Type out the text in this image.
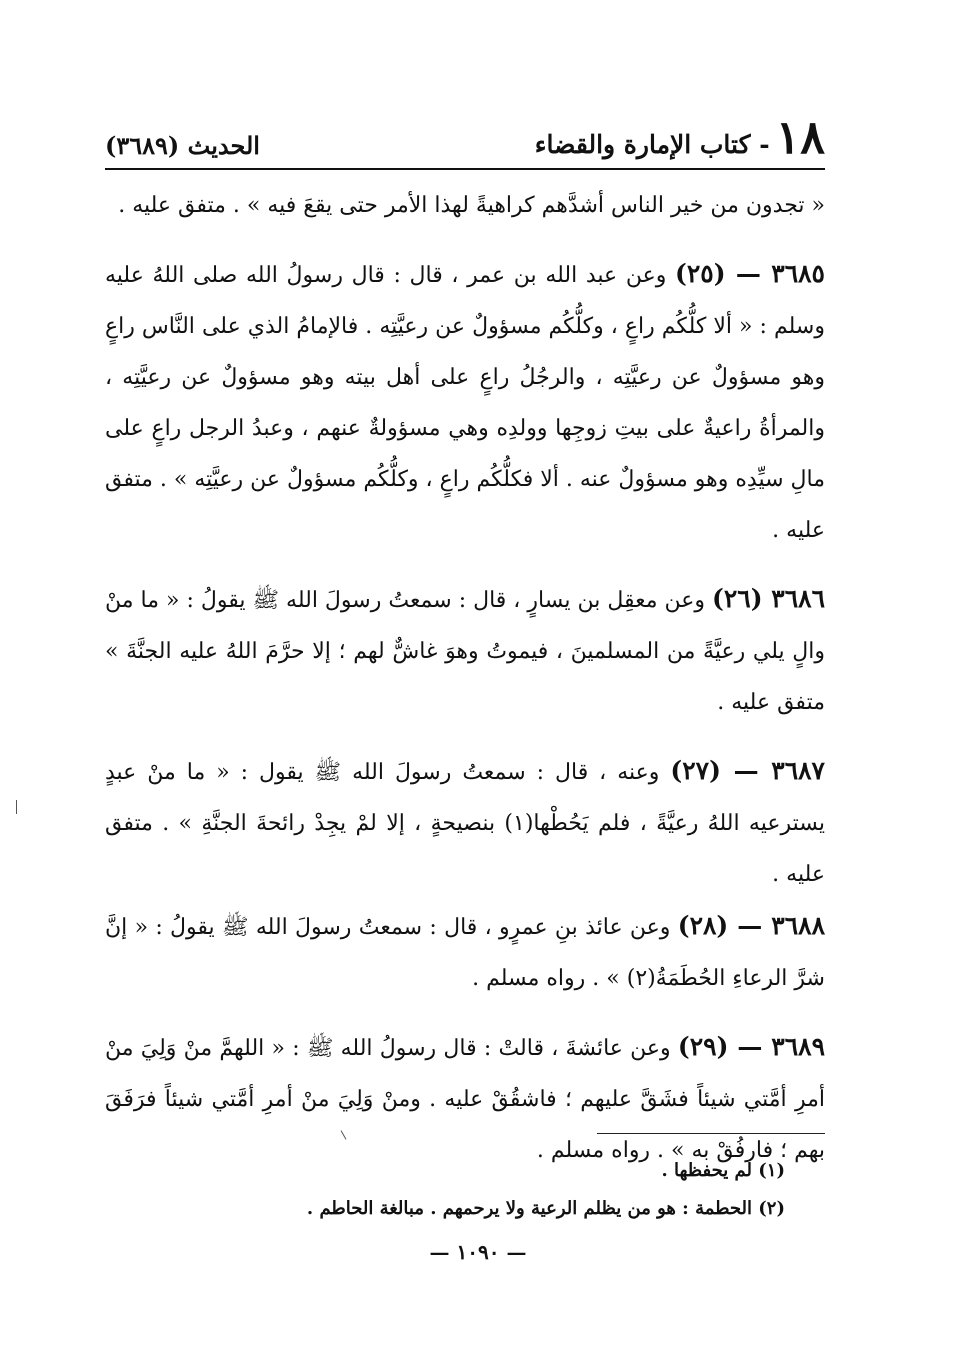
١٨
- كتاب الإمارة والقضاء
الحديث (٣٦٨٩)

« تجدون من خير الناس أشدَّهم كراهيةً لهذا الأمر حتى يقعَ فيه » . متفق عليه .

٣٦٨٥ — (٢٥) وعن عبد الله بن عمر ، قال : قال رسولُ الله صلى اللهُ عليه وسلم : « ألا كلُّكُم راعٍ ، وكلُّكُم مسؤولٌ عن رعيَّتِه . فالإمامُ الذي على النَّاس راعٍ وهو مسؤولٌ عن رعيَّتِه ، والرجُلُ راعٍ على أهل بيته وهو مسؤولٌ عن رعيَّتِه ، والمرأةُ راعيةٌ على بيتِ زوجِها وولدِه وهي مسؤولةٌ عنهم ، وعبدُ الرجل راعٍ على مالِ سيِّدِه وهو مسؤولٌ عنه . ألا فكلُّكُم راعٍ ، وكلُّكُم مسؤولٌ عن رعيَّتِه » . متفق عليه .

٣٦٨٦ (٢٦) وعن معقِل بن يسارٍ ، قال : سمعتُ رسولَ الله ﷺ يقولُ : « ما منْ والٍ يلي رعيَّةً من المسلمينَ ، فيموتُ وهوَ غاشٌّ لهم ؛ إلا حرَّمَ اللهُ عليه الجنَّةَ » متفق عليه .

٣٦٨٧ — (٢٧) وعنه ، قال : سمعتُ رسولَ الله ﷺ يقول : « ما منْ عبدٍ يسترعيه اللهُ رعيَّةً ، فلم يَحُطْها(١) بنصيحةٍ ، إلا لمْ يجِدْ رائحةَ الجنَّةِ » . متفق عليه .

٣٦٨٨ — (٢٨) وعن عائذ بنِ عمرٍو ، قال : سمعتُ رسولَ الله ﷺ يقولُ : « إنَّ شرَّ الرعاءِ الحُطَمَةُ(٢) » . رواه مسلم .

٣٦٨٩ — (٢٩) وعن عائشةَ ، قالتْ : قال رسولُ الله ﷺ : « اللهمَّ منْ وَلِيَ منْ أمرِ أمَّتي شيئاً فشَقَّ عليهم ؛ فاشقُقْ عليه . ومنْ وَلِيَ منْ أمرِ أمَّتي شيئاً فرَفَقَ بهم ؛ فارفُقْ به » . رواه مسلم .

(١) لم يحفظها .
(٢) الحطمة : هو من يظلم الرعية ولا يرحمهم . مبالغة الحاطم .
— ١٠٩٠ —
